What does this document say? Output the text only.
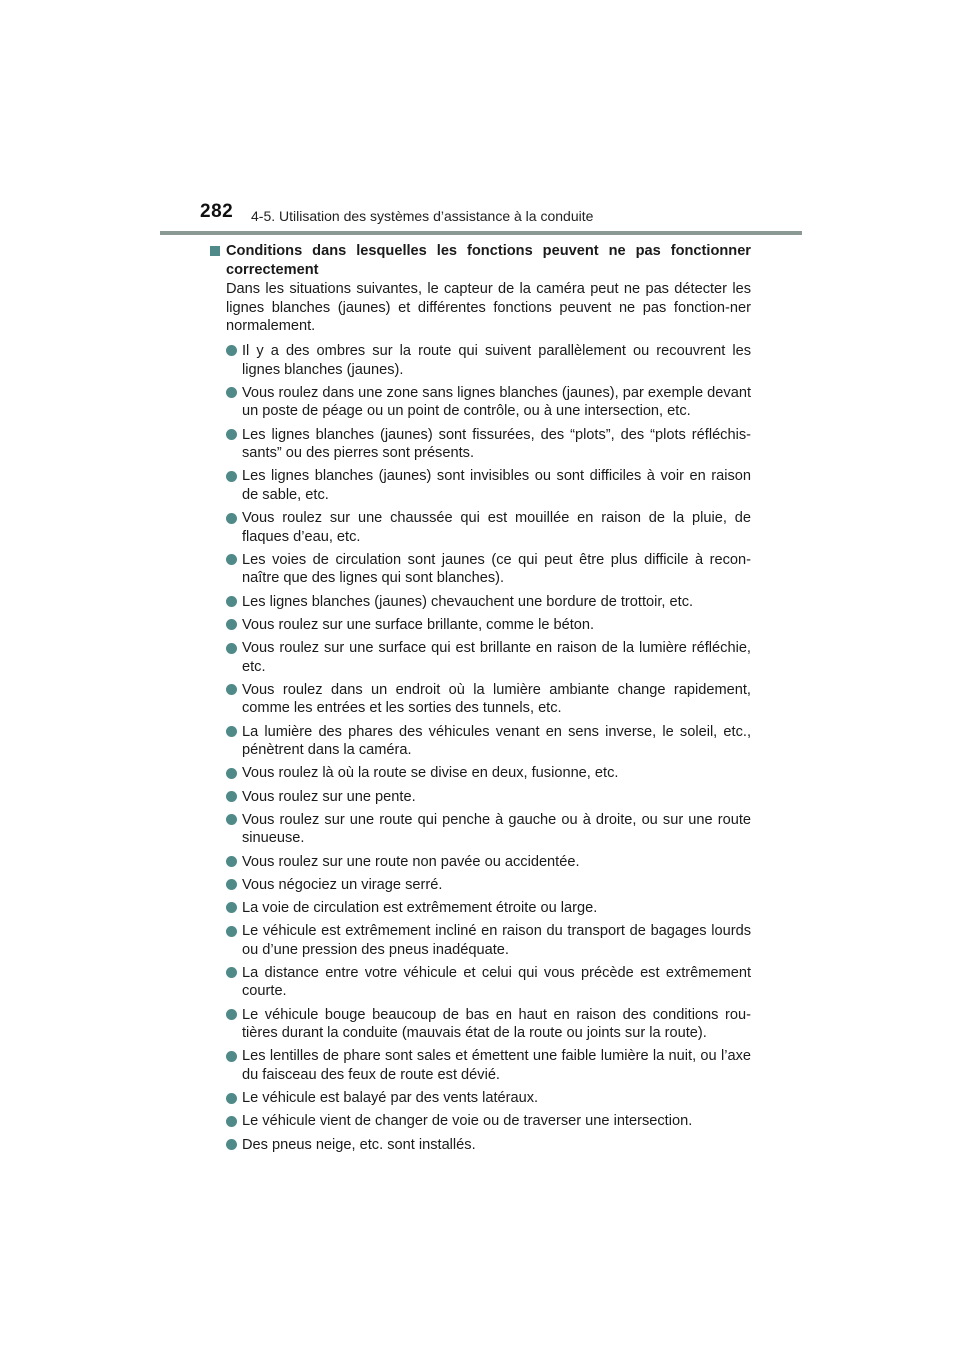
282 4-5. Utilisation des systèmes d’assistance à la conduite
Conditions dans lesquelles les fonctions peuvent ne pas fonctionner correctement
Dans les situations suivantes, le capteur de la caméra peut ne pas détecter les lignes blanches (jaunes) et différentes fonctions peuvent ne pas fonction-ner normalement.
Il y a des ombres sur la route qui suivent parallèlement ou recouvrent les lignes blanches (jaunes).
Vous roulez dans une zone sans lignes blanches (jaunes), par exemple devant un poste de péage ou un point de contrôle, ou à une intersection, etc.
Les lignes blanches (jaunes) sont fissurées, des “plots”, des “plots réfléchis-sants” ou des pierres sont présents.
Les lignes blanches (jaunes) sont invisibles ou sont difficiles à voir en raison de sable, etc.
Vous roulez sur une chaussée qui est mouillée en raison de la pluie, de flaques d’eau, etc.
Les voies de circulation sont jaunes (ce qui peut être plus difficile à recon-naître que des lignes qui sont blanches).
Les lignes blanches (jaunes) chevauchent une bordure de trottoir, etc.
Vous roulez sur une surface brillante, comme le béton.
Vous roulez sur une surface qui est brillante en raison de la lumière réfléchie, etc.
Vous roulez dans un endroit où la lumière ambiante change rapidement, comme les entrées et les sorties des tunnels, etc.
La lumière des phares des véhicules venant en sens inverse, le soleil, etc., pénètrent dans la caméra.
Vous roulez là où la route se divise en deux, fusionne, etc.
Vous roulez sur une pente.
Vous roulez sur une route qui penche à gauche ou à droite, ou sur une route sinueuse.
Vous roulez sur une route non pavée ou accidentée.
Vous négociez un virage serré.
La voie de circulation est extrêmement étroite ou large.
Le véhicule est extrêmement incliné en raison du transport de bagages lourds ou d’une pression des pneus inadéquate.
La distance entre votre véhicule et celui qui vous précède est extrêmement courte.
Le véhicule bouge beaucoup de bas en haut en raison des conditions rou-tières durant la conduite (mauvais état de la route ou joints sur la route).
Les lentilles de phare sont sales et émettent une faible lumière la nuit, ou l’axe du faisceau des feux de route est dévié.
Le véhicule est balayé par des vents latéraux.
Le véhicule vient de changer de voie ou de traverser une intersection.
Des pneus neige, etc. sont installés.
